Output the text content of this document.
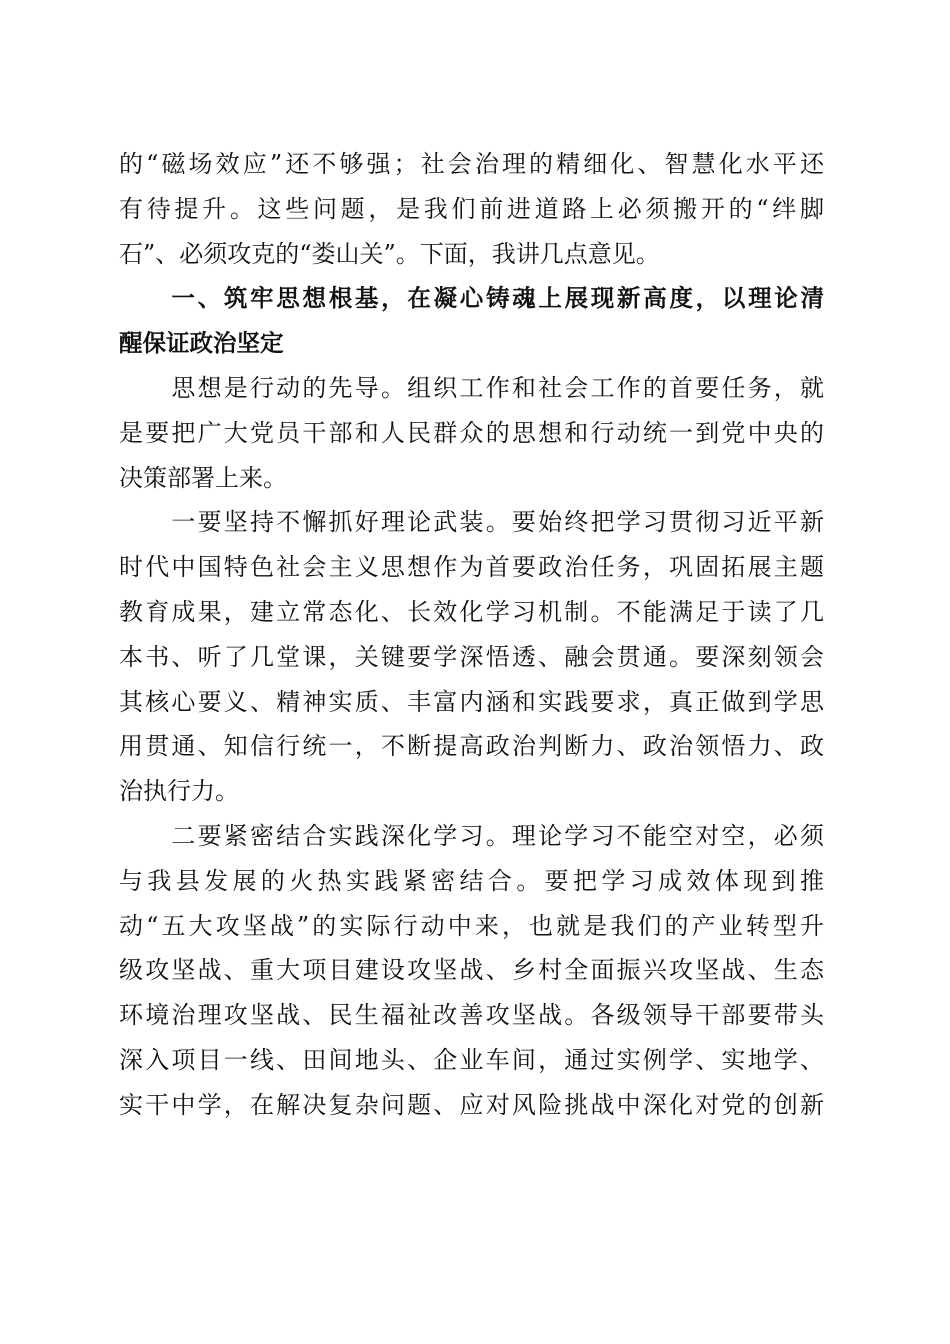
的“磁场效应”还不够强；社会治理的精细化、智慧化水平还
有待提升。这些问题，是我们前进道路上必须搬开的“绊脚
石”、必须攻克的“娄山关”。下面，我讲几点意见。
　　一、筑牢思想根基，在凝心铸魂上展现新高度，以理论清
醒保证政治坚定
　　思想是行动的先导。组织工作和社会工作的首要任务，就
是要把广大党员干部和人民群众的思想和行动统一到党中央的
决策部署上来。
　　一要坚持不懈抓好理论武装。要始终把学习贯彻习近平新
时代中国特色社会主义思想作为首要政治任务，巩固拓展主题
教育成果，建立常态化、长效化学习机制。不能满足于读了几
本书、听了几堂课，关键要学深悟透、融会贯通。要深刻领会
其核心要义、精神实质、丰富内涵和实践要求，真正做到学思
用贯通、知信行统一，不断提高政治判断力、政治领悟力、政
治执行力。
　　二要紧密结合实践深化学习。理论学习不能空对空，必须
与我县发展的火热实践紧密结合。要把学习成效体现到推
动“五大攻坚战”的实际行动中来，也就是我们的产业转型升
级攻坚战、重大项目建设攻坚战、乡村全面振兴攻坚战、生态
环境治理攻坚战、民生福祉改善攻坚战。各级领导干部要带头
深入项目一线、田间地头、企业车间，通过实例学、实地学、
实干中学，在解决复杂问题、应对风险挑战中深化对党的创新
